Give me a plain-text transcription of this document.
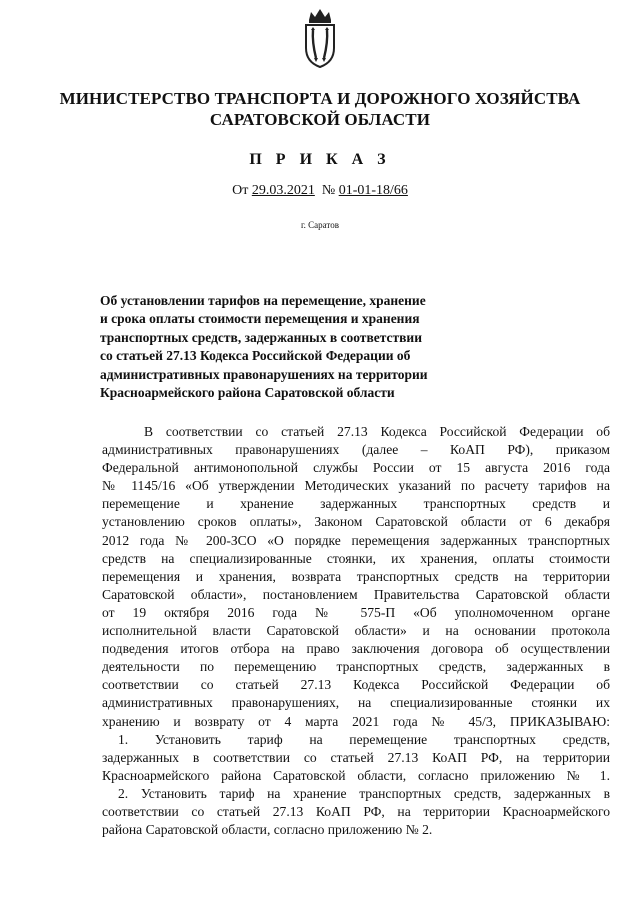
МИНИСТЕРСТВО ТРАНСПОРТА И ДОРОЖНОГО ХОЗЯЙСТВА
САРАТОВСКОЙ ОБЛАСТИ
П Р И К А З
От 29.03.2021 № 01-01-18/66
г. Саратов
Об установлении тарифов на перемещение, хранение
и срока оплаты стоимости перемещения и хранения
транспортных средств, задержанных в соответствии
со статьей 27.13 Кодекса Российской Федерации об
административных правонарушениях на территории
Красноармейского района Саратовской области
В соответствии со статьей 27.13 Кодекса Российской Федерации об
административных правонарушениях (далее – КоАП РФ), приказом
Федеральной антимонопольной службы России от 15 августа 2016 года
№ 1145/16 «Об утверждении Методических указаний по расчету тарифов на
перемещение и хранение задержанных транспортных средств и
установлению сроков оплаты», Законом Саратовской области от 6 декабря
2012 года № 200-ЗСО «О порядке перемещения задержанных транспортных
средств на специализированные стоянки, их хранения, оплаты стоимости
перемещения и хранения, возврата транспортных средств на территории
Саратовской области», постановлением Правительства Саратовской области
от 19 октября 2016 года № 575-П «Об уполномоченном органе
исполнительной власти Саратовской области» и на основании протокола
подведения итогов отбора на право заключения договора об осуществлении
деятельности по перемещению транспортных средств, задержанных в
соответствии со статьей 27.13 Кодекса Российской Федерации об
административных правонарушениях, на специализированные стоянки их
хранению и возврату от 4 марта 2021 года № 45/3, ПРИКАЗЫВАЮ:
1. Установить тариф на перемещение транспортных средств,
задержанных в соответствии со статьей 27.13 КоАП РФ, на территории
Красноармейского района Саратовской области, согласно приложению № 1.
2. Установить тариф на хранение транспортных средств, задержанных в
соответствии со статьей 27.13 КоАП РФ, на территории Красноармейского
района Саратовской области, согласно приложению № 2.
